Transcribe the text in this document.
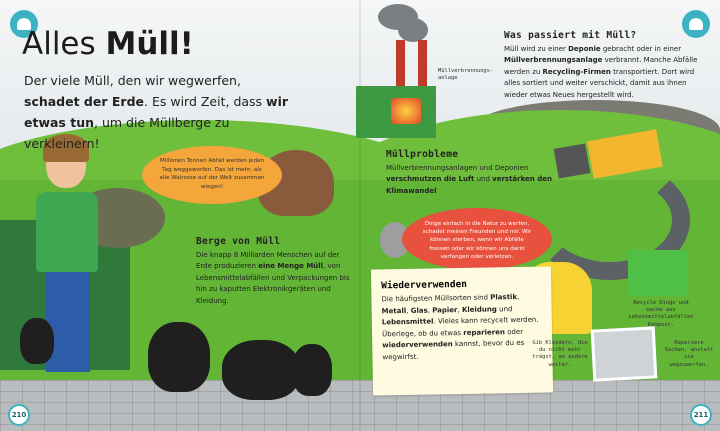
Alles Müll!
Der viele Müll, den wir wegwerfen, schadet der Erde. Es wird Zeit, dass wir etwas tun, um die Müllberge zu verkleinern!
Millionen Tonnen Abfall werden jeden Tag weggeworfen. Das ist mehr, als alle Walrosse auf der Welt zusammen wiegen!
Berge von Müll

Die knapp 8 Milliarden Menschen auf der Erde produzieren eine Menge Müll, von Lebensmittelabfällen und Verpackungen bis hin zu kaputten Elektronikgeräten und Kleidung.

210
Müllverbrennungs-anlage
Was passiert mit Müll?

Müll wird zu einer Deponie gebracht oder in einer Müllverbrennungsanlage verbrannt. Manche Abfälle werden zu Recycling-Firmen transportiert. Dort wird alles sortiert und weiter verschickt, damit aus ihnen wieder etwas Neues hergestellt wird.

Müllprobleme

Müllverbrennungsanlagen und Deponien verschmutzen die Luft und verstärken den Klimawandel

Dinge einfach in die Natur zu werfen, schadet meinen Freunden und mir. Wir können sterben, wenn wir Abfälle fressen oder wir können uns darin verfangen oder verletzen.
Wiederverwenden

Die häufigsten Müllsorten sind Plastik, Metall, Glas, Papier, Kleidung und Lebensmittel. Vieles kann recycelt werden. Überlege, ob du etwas reparieren oder wiederverwenden kannst, bevor du es wegwirfst.

Recycle Dinge und mache aus Lebensmittelabfällen Kompost.
Gib Kleidern, die du nicht mehr trägst, an andere weiter.
Repariere Sachen, anstatt sie wegzuwerfen.
211
